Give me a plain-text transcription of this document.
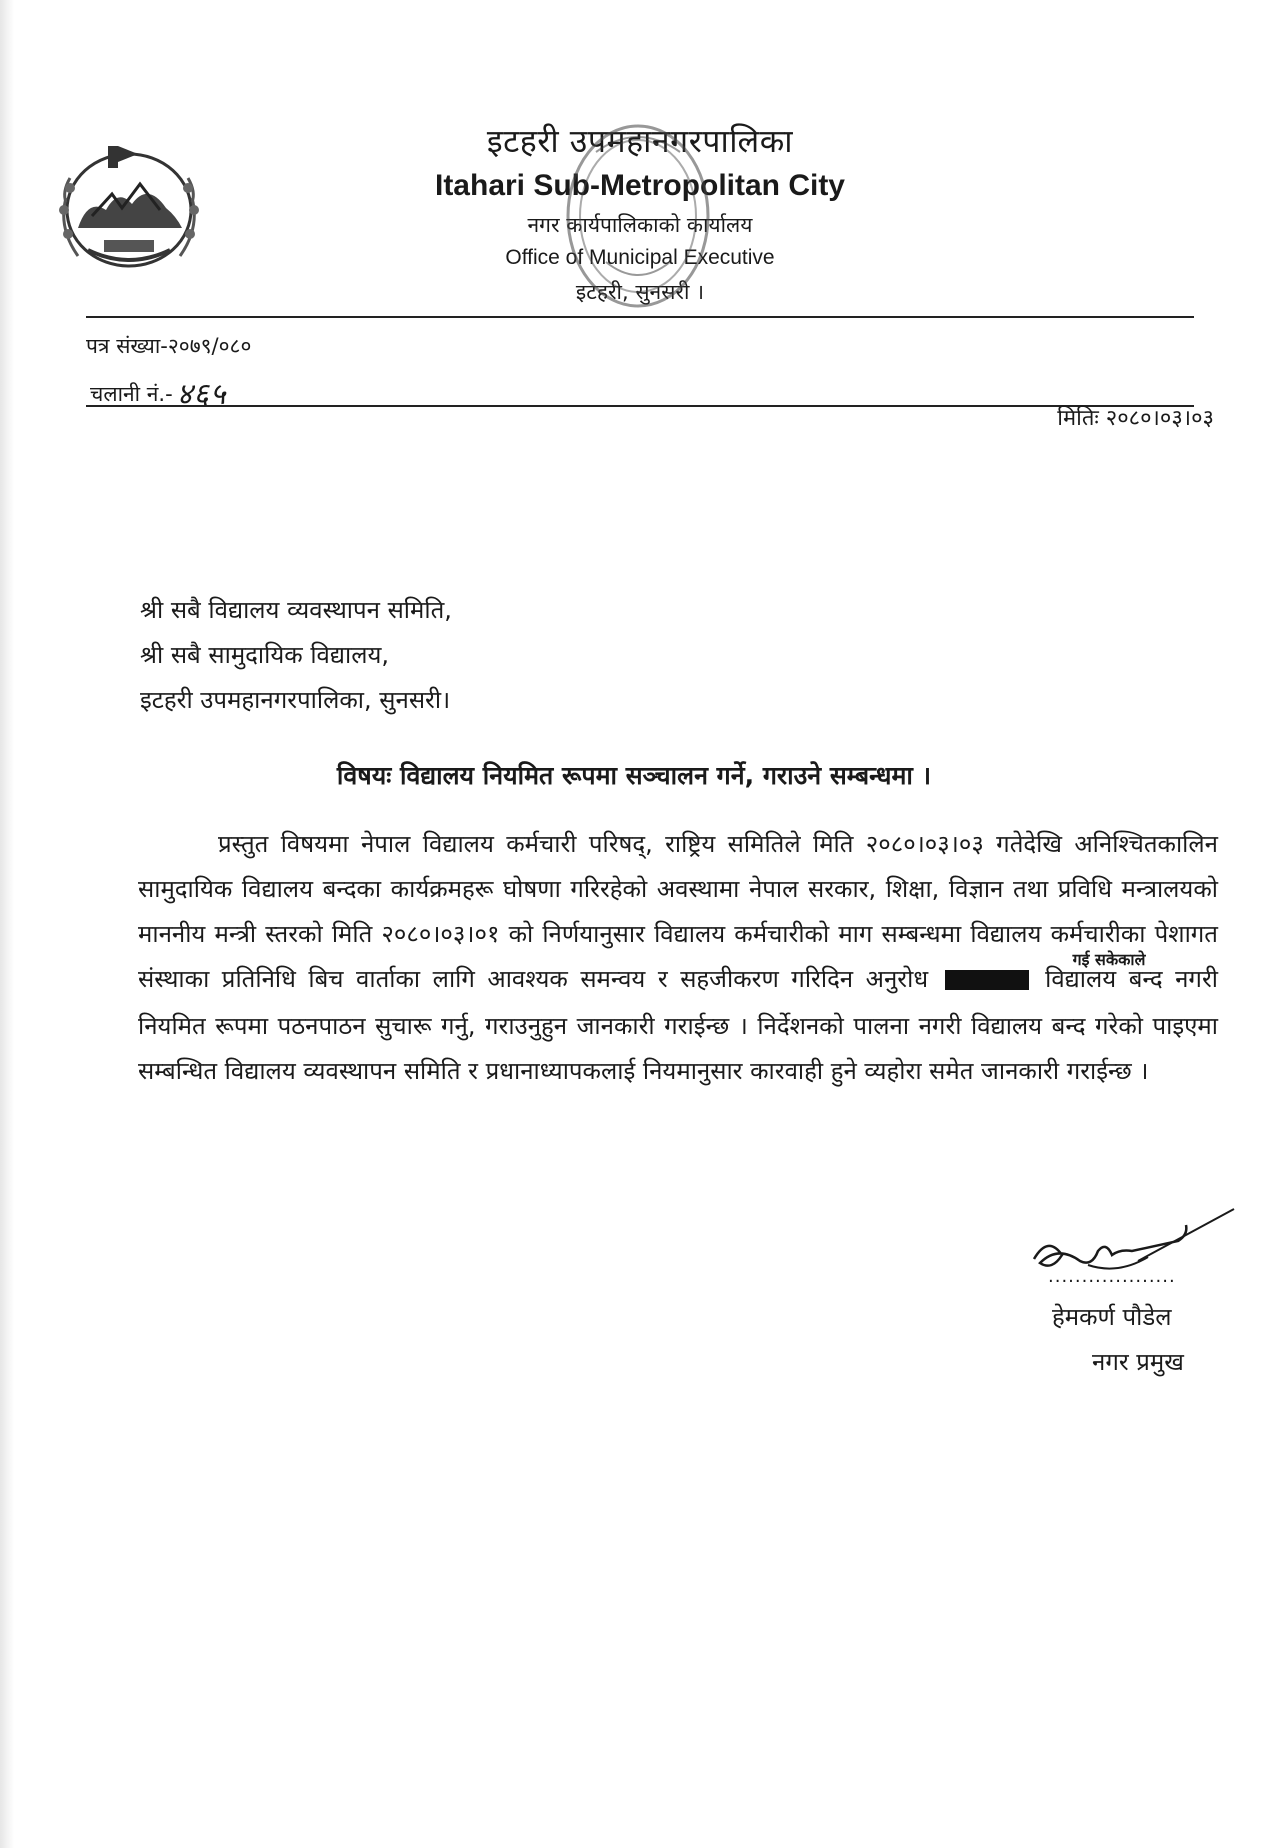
इटहरी उपमहानगरपालिका
Itahari Sub-Metropolitan City
नगर कार्यपालिकाको कार्यालय
Office of Municipal Executive
इटहरी, सुनसरी ।
पत्र संख्या-२०७९/०८०
चलानी नं.- ४६५
मितिः २०८०।०३।०३
श्री सबै विद्यालय व्यवस्थापन समिति,
श्री सबै सामुदायिक विद्यालय,
इटहरी उपमहानगरपालिका, सुनसरी।
विषयः विद्यालय नियमित रूपमा सञ्चालन गर्ने, गराउने सम्बन्धमा ।
प्रस्तुत विषयमा नेपाल विद्यालय कर्मचारी परिषद्, राष्ट्रिय समितिले मिति २०८०।०३।०३ गतेदेखि अनिश्चितकालिन सामुदायिक विद्यालय बन्दका कार्यक्रमहरू घोषणा गरिरहेको अवस्थामा नेपाल सरकार, शिक्षा, विज्ञान तथा प्रविधि मन्त्रालयको माननीय मन्त्री स्तरको मिति २०८०।०३।०१ को निर्णयानुसार विद्यालय कर्मचारीको माग सम्बन्धमा विद्यालय कर्मचारीका पेशागत संस्थाका प्रतिनिधि बिच वार्ताका लागि आवश्यक समन्वय र सहजीकरण गरिदिन अनुरोध गई सकेकाले विद्यालय बन्द नगरी नियमित रूपमा पठनपाठन सुचारू गर्नु, गराउनुहुन जानकारी गराईन्छ । निर्देशनको पालना नगरी विद्यालय बन्द गरेको पाइएमा सम्बन्धित विद्यालय व्यवस्थापन समिति र प्रधानाध्यापकलाई नियमानुसार कारवाही हुने व्यहोरा समेत जानकारी गराईन्छ ।
...................
हेमकर्ण पौडेल
नगर प्रमुख
